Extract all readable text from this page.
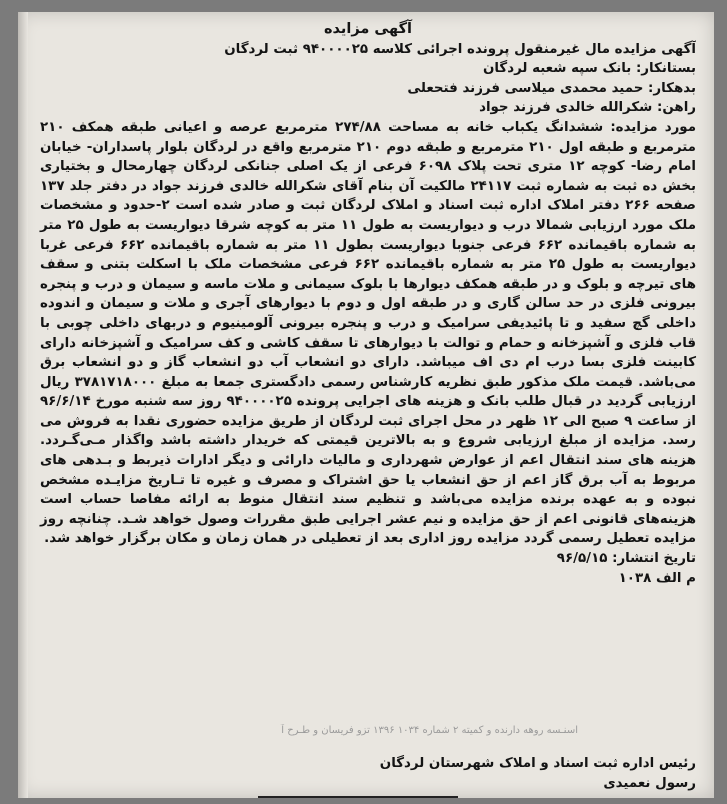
آگهی مزایده
آگهی مزایده مال غیرمنقول پرونده اجرائی کلاسه ۹۴۰۰۰۰۲۵ ثبت لردگان
بستانکار: بانک سپه شعبه لردگان
بدهکار: حمید محمدی میلاسی فرزند فتحعلی
راهن: شکرالله خالدی فرزند جواد
مورد مزایده: ششدانگ یکباب خانه به مساحت ۲۷۴/۸۸ مترمربع عرصه و اعیانی طبقه همکف ۲۱۰ مترمربع و طبقه اول ۲۱۰ مترمربع و طبقه دوم ۲۱۰ مترمربع واقع در لردگان بلوار پاسداران- خیابان امام رضا- کوچه ۱۲ متری تحت پلاک ۶۰۹۸ فرعی از یک اصلی جنانکی لردگان چهارمحال و بختیاری بخش ده ثبت به شماره ثبت ۲۴۱۱۷ مالکیت آن بنام آقای شکرالله خالدی فرزند جواد در دفتر جلد ۱۳۷ صفحه ۲۶۶ دفتر املاک اداره ثبت اسناد و املاک لردگان ثبت و صادر شده است ۲-حدود و مشخصات ملک مورد ارزیابی شمالا درب و دیواریست به طول ۱۱ متر به کوچه شرقا دیواریست به طول ۲۵ متر به شماره باقیمانده ۶۶۲ فرعی جنوبا دیواریست بطول ۱۱ متر به شماره باقیمانده ۶۶۲ فرعی غربا دیواریست به طول ۲۵ متر به شماره باقیمانده ۶۶۲ فرعی مشخصات ملک با اسکلت بتنی و سقف های تیرچه و بلوک و در طبقه همکف دیوارها با بلوک سیمانی و ملات ماسه و سیمان و درب و پنجره بیرونی فلزی در حد سالن گاری و در طبقه اول و دوم با دیوارهای آجری و ملات و سیمان و اندوده داخلی گچ سفید و تا پائیدیفی سرامیک و درب و پنجره بیرونی آلومینیوم و دربهای داخلی چوبی با قاب فلزی و آشپزخانه و حمام و توالت با دیوارهای تا سقف کاشی و کف سرامیک و آشپزخانه دارای کابینت فلزی بسا درب ام دی اف میباشد. دارای دو انشعاب آب دو انشعاب گاز و دو انشعاب برق می‌باشد. قیمت ملک مذکور طبق نظریه کارشناس رسمی دادگستری جمعا به مبلغ ۳۷۸۱۷۱۸۰۰۰ ریال ارزیابی گردید در قبال طلب بانک و هزینه های اجرایی پرونده ۹۴۰۰۰۰۲۵ روز سه شنبه مورخ ۹۶/۶/۱۴ از ساعت ۹ صبح الی ۱۲ ظهر در محل اجرای ثبت لردگان از طریق مزایده حضوری نقدا به فروش می رسد. مزایده از مبلغ ارزیابی شروع و به بالاترین قیمتی که خریدار داشته باشد واگذار مـی‌گـردد. هزینه های سند انتقال اعم از عوارض شهرداری و مالیات دارائی و دیگر ادارات ذیربط و بـدهی های مربوط به آب برق گاز اعم از حق انشعاب یا حق اشتراک و مصرف و غیره تا تـاریخ مزایـده مشخص نبوده و به عهده برنده مزایده می‌باشد و تنظیم سند انتقال منوط به ارائه مفاصا حساب است هزینه‌های قانونی اعم از حق مزایده و نیم عشر اجرایی طبق مقررات وصول خواهد شـد. چنانچه روز مزایده تعطیل رسمی گردد مزایده روز اداری بعد از تعطیلی در همان زمان و مکان برگزار خواهد شد.
تاریخ انتشار: ۹۶/۵/۱۵
م الف ۱۰۳۸
اسنـسه روهه دارنده و کمیته ۲ شماره ۱۰۳۴ ۱۳۹۶ تزو فریسان و طـرح آ
رئیس اداره ثبت اسناد و املاک شهرستان لردگان
رسول نعمیدی
